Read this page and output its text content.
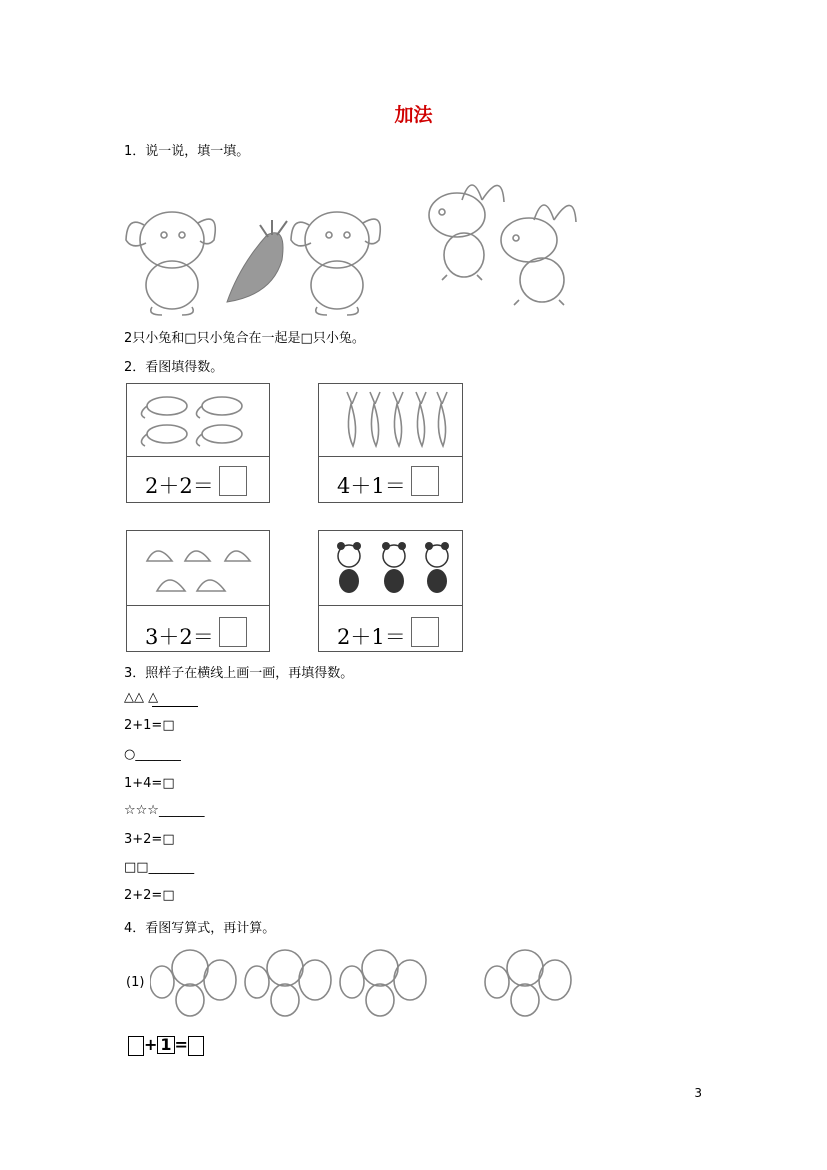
加法
1．说一说，填一填。
2只小兔和□只小兔合在一起是□只小兔。
2．看图填得数。
2＋2＝	4＋1＝
3＋2＝	2＋1＝
3．照样子在横线上画一画，再填得数。
△△ △
2+1=□
○_______
1+4=□
☆☆☆_______
3+2=□
□□_______
2+2=□
4．看图写算式，再计算。
(1)
+ 1 =
3
